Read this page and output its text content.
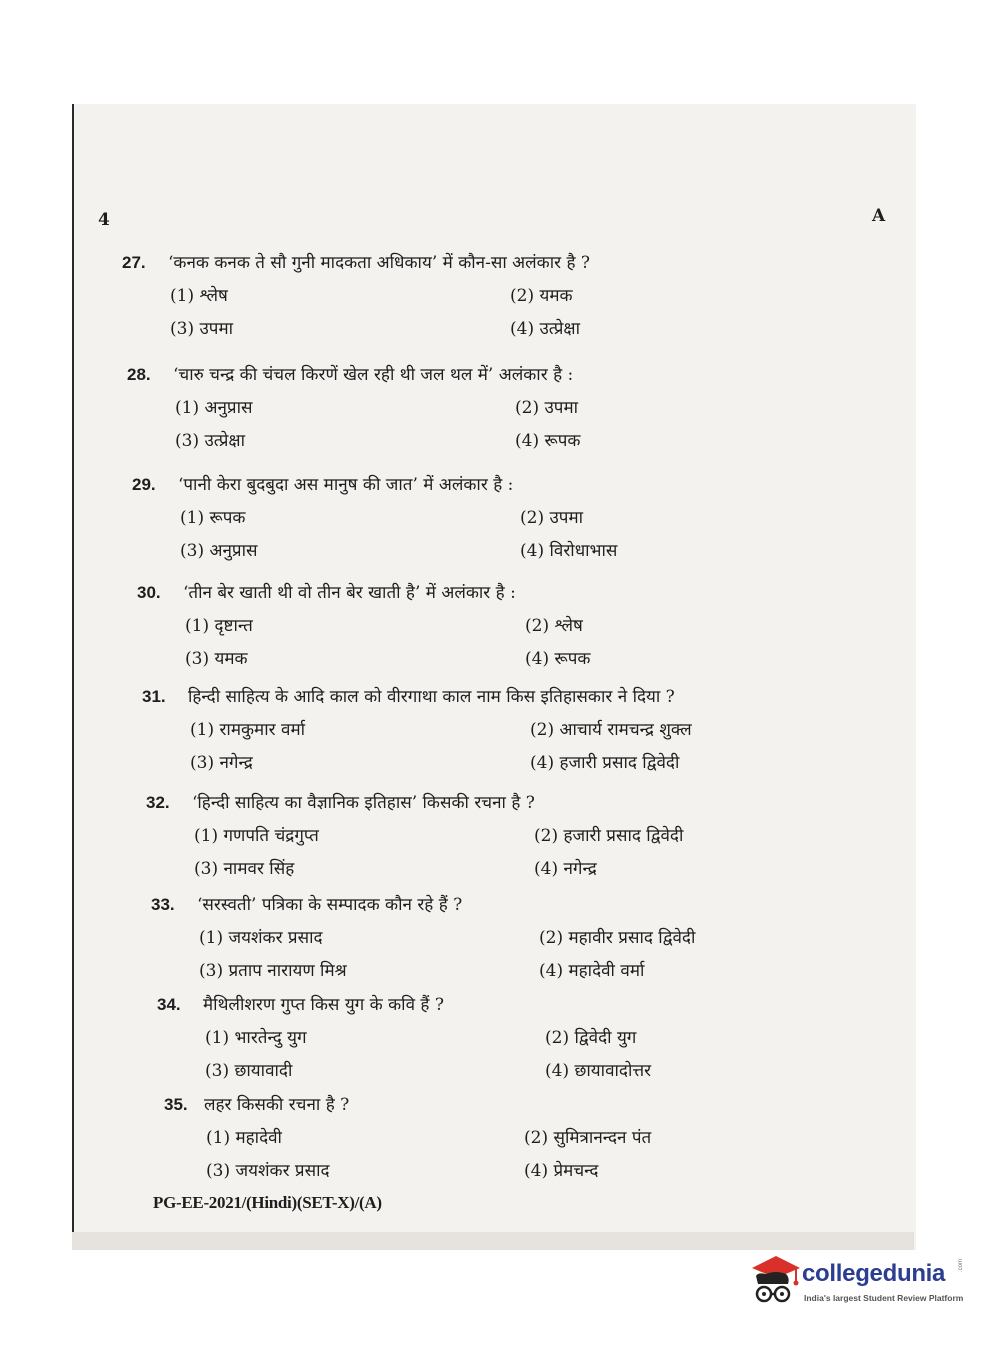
4	A
27.	‘कनक कनक ते सौ गुनी मादकता अधिकाय’ में कौन-सा अलंकार है ?
(1) श्लेष	(2) यमक
(3) उपमा	(4) उत्प्रेक्षा
28.	‘चारु चन्द्र की चंचल किरणें खेल रही थी जल थल में’ अलंकार है :
(1) अनुप्रास	(2) उपमा
(3) उत्प्रेक्षा	(4) रूपक
29.	‘पानी केरा बुदबुदा अस मानुष की जात’ में अलंकार है :
(1) रूपक	(2) उपमा
(3) अनुप्रास	(4) विरोधाभास
30.	‘तीन बेर खाती थी वो तीन बेर खाती है’ में अलंकार है :
(1) दृष्टान्त	(2) श्लेष
(3) यमक	(4) रूपक
31.	हिन्दी साहित्य के आदि काल को वीरगाथा काल नाम किस इतिहासकार ने दिया ?
(1) रामकुमार वर्मा	(2) आचार्य रामचन्द्र शुक्ल
(3) नगेन्द्र	(4) हजारी प्रसाद द्विवेदी
32.	‘हिन्दी साहित्य का वैज्ञानिक इतिहास’ किसकी रचना है ?
(1) गणपति चंद्रगुप्त	(2) हजारी प्रसाद द्विवेदी
(3) नामवर सिंह	(4) नगेन्द्र
33.	‘सरस्वती’ पत्रिका के सम्पादक कौन रहे हैं ?
(1) जयशंकर प्रसाद	(2) महावीर प्रसाद द्विवेदी
(3) प्रताप नारायण मिश्र	(4) महादेवी वर्मा
34.	मैथिलीशरण गुप्त किस युग के कवि हैं ?
(1) भारतेन्दु युग	(2) द्विवेदी युग
(3) छायावादी	(4) छायावादोत्तर
35. लहर किसकी रचना है ?
(1) महादेवी	(2) सुमित्रानन्दन पंत
(3) जयशंकर प्रसाद	(4) प्रेमचन्द
PG-EE-2021/(Hindi)(SET-X)/(A)
collegedunia .com
India's largest Student Review Platform
